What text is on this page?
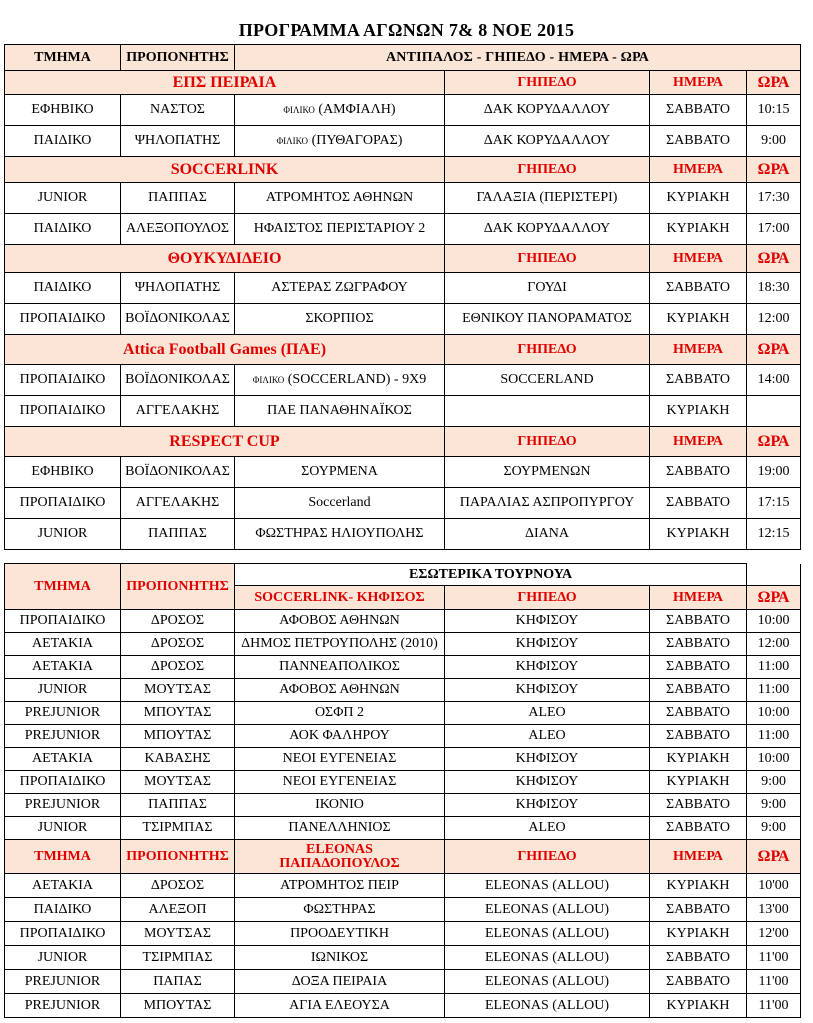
ΠΡΟΓΡΑΜΜΑ ΑΓΩΝΩΝ 7& 8 ΝΟΕ 2015
ΤΜΗΜΑ	ΠΡΟΠΟΝΗΤΗΣ	ΑΝΤΙΠΑΛΟΣ - ΓΗΠΕΔΟ - ΗΜΕΡΑ - ΩΡΑ			
ΕΠΣ ΠΕΙΡΑΙΑ			ΓΗΠΕΔΟ	ΗΜΕΡΑ	ΩΡΑ
ΕΦΗΒΙΚΟ	ΝΑΣΤΟΣ	ΦΙΛΙΚΟ (ΑΜΦΙΑΛΗ)	ΔΑΚ ΚΟΡΥΔΑΛΛΟΥ	ΣΑΒΒΑΤΟ	10:15
ΠΑΙΔΙΚΟ	ΨΗΛΟΠΑΤΗΣ	ΦΙΛΙΚΟ (ΠΥΘΑΓΟΡΑΣ)	ΔΑΚ ΚΟΡΥΔΑΛΛΟΥ	ΣΑΒΒΑΤΟ	9:00
SOCCERLINK			ΓΗΠΕΔΟ	ΗΜΕΡΑ	ΩΡΑ
JUNIOR	ΠΑΠΠΑΣ	ΑΤΡΟΜΗΤΟΣ ΑΘΗΝΩΝ	ΓΑΛΑΞΙΑ (ΠΕΡΙΣΤΕΡΙ)	ΚΥΡΙΑΚΗ	17:30
ΠΑΙΔΙΚΟ	ΑΛΕΞΟΠΟΥΛΟΣ	ΗΦΑΙΣΤΟΣ ΠΕΡΙΣΤΑΡΙΟΥ 2	ΔΑΚ ΚΟΡΥΔΑΛΛΟΥ	ΚΥΡΙΑΚΗ	17:00
ΘΟΥΚΥΔΙΔΕΙΟ			ΓΗΠΕΔΟ	ΗΜΕΡΑ	ΩΡΑ
ΠΑΙΔΙΚΟ	ΨΗΛΟΠΑΤΗΣ	ΑΣΤΕΡΑΣ ΖΩΓΡΑΦΟΥ	ΓΟΥΔΙ	ΣΑΒΒΑΤΟ	18:30
ΠΡΟΠΑΙΔΙΚΟ	ΒΟΪΔΟΝΙΚΟΛΑΣ	ΣΚΟΡΠΙΟΣ	ΕΘΝΙΚΟΥ ΠΑΝΟΡΑΜΑΤΟΣ	ΚΥΡΙΑΚΗ	12:00
Attica Football Games (ΠΑΕ)			ΓΗΠΕΔΟ	ΗΜΕΡΑ	ΩΡΑ
ΠΡΟΠΑΙΔΙΚΟ	ΒΟΪΔΟΝΙΚΟΛΑΣ	ΦΙΛΙΚΟ (SOCCERLAND) - 9X9	SOCCERLAND	ΣΑΒΒΑΤΟ	14:00
ΠΡΟΠΑΙΔΙΚΟ	ΑΓΓΕΛΑΚΗΣ	ΠΑΕ ΠΑΝΑΘΗΝΑΪΚΟΣ		ΚΥΡΙΑΚΗ	
RESPECT CUP			ΓΗΠΕΔΟ	ΗΜΕΡΑ	ΩΡΑ
ΕΦΗΒΙΚΟ	ΒΟΪΔΟΝΙΚΟΛΑΣ	ΣΟΥΡΜΕΝΑ	ΣΟΥΡΜΕΝΩΝ	ΣΑΒΒΑΤΟ	19:00
ΠΡΟΠΑΙΔΙΚΟ	ΑΓΓΕΛΑΚΗΣ	Soccerland	ΠΑΡΑΛΙΑΣ ΑΣΠΡΟΠΥΡΓΟΥ	ΣΑΒΒΑΤΟ	17:15
JUNIOR	ΠΑΠΠΑΣ	ΦΩΣΤΗΡΑΣ ΗΛΙΟΥΠΟΛΗΣ	ΔΙΑΝΑ	ΚΥΡΙΑΚΗ	12:15
ΤΜΗΜΑ	ΠΡΟΠΟΝΗΤΗΣ	ΕΣΩΤΕΡΙΚΑ ΤΟΥΡΝΟΥΑ			
		SOCCERLINK- ΚΗΦΙΣΟΣ	ΓΗΠΕΔΟ	ΗΜΕΡΑ	ΩΡΑ
ΠΡΟΠΑΙΔΙΚΟ	ΔΡΟΣΟΣ	ΑΦΟΒΟΣ ΑΘΗΝΩΝ	ΚΗΦΙΣΟΥ	ΣΑΒΒΑΤΟ	10:00
ΑΕΤΑΚΙΑ	ΔΡΟΣΟΣ	ΔΗΜΟΣ ΠΕΤΡΟΥΠΟΛΗΣ (2010)	ΚΗΦΙΣΟΥ	ΣΑΒΒΑΤΟ	12:00
ΑΕΤΑΚΙΑ	ΔΡΟΣΟΣ	ΠΑΝΝΕΑΠΟΛΙΚΟΣ	ΚΗΦΙΣΟΥ	ΣΑΒΒΑΤΟ	11:00
JUNIOR	ΜΟΥΤΣΑΣ	ΑΦΟΒΟΣ ΑΘΗΝΩΝ	ΚΗΦΙΣΟΥ	ΣΑΒΒΑΤΟ	11:00
PREJUNIOR	ΜΠΟΥΤΑΣ	ΟΣΦΠ 2	ALEO	ΣΑΒΒΑΤΟ	10:00
PREJUNIOR	ΜΠΟΥΤΑΣ	ΑΟΚ ΦΑΛΗΡΟΥ	ALEO	ΣΑΒΒΑΤΟ	11:00
ΑΕΤΑΚΙΑ	ΚΑΒΑΣΗΣ	ΝΕΟΙ ΕΥΓΕΝΕΙΑΣ	ΚΗΦΙΣΟΥ	ΚΥΡΙΑΚΗ	10:00
ΠΡΟΠΑΙΔΙΚΟ	ΜΟΥΤΣΑΣ	ΝΕΟΙ ΕΥΓΕΝΕΙΑΣ	ΚΗΦΙΣΟΥ	ΚΥΡΙΑΚΗ	9:00
PREJUNIOR	ΠΑΠΠΑΣ	ΙΚΟΝΙΟ	ΚΗΦΙΣΟΥ	ΣΑΒΒΑΤΟ	9:00
JUNIOR	ΤΣΙΡΜΠΑΣ	ΠΑΝΕΛΛΗΝΙΟΣ	ALEO	ΣΑΒΒΑΤΟ	9:00
ΤΜΗΜΑ	ΠΡΟΠΟΝΗΤΗΣ	ELEONAS ΠΑΠΑΔΟΠΟΥΛΟΣ	ΓΗΠΕΔΟ	ΗΜΕΡΑ	ΩΡΑ
ΑΕΤΑΚΙΑ	ΔΡΟΣΟΣ	ΑΤΡΟΜΗΤΟΣ ΠΕΙΡ	ELEONAS (ALLOU)	ΚΥΡΙΑΚΗ	10'00
ΠΑΙΔΙΚΟ	ΑΛΕΞΟΠ	ΦΩΣΤΗΡΑΣ	ELEONAS (ALLOU)	ΣΑΒΒΑΤΟ	13'00
ΠΡΟΠΑΙΔΙΚΟ	ΜΟΥΤΣΑΣ	ΠΡΟΟΔΕΥΤΙΚΗ	ELEONAS (ALLOU)	ΚΥΡΙΑΚΗ	12'00
JUNIOR	ΤΣΙΡΜΠΑΣ	ΙΩΝΙΚΟΣ	ELEONAS (ALLOU)	ΣΑΒΒΑΤΟ	11'00
PREJUNIOR	ΠΑΠΑΣ	ΔΟΞΑ ΠΕΙΡΑΙΑ	ELEONAS (ALLOU)	ΣΑΒΒΑΤΟ	11'00
PREJUNIOR	ΜΠΟΥΤΑΣ	ΑΓΙΑ ΕΛΕΟΥΣΑ	ELEONAS (ALLOU)	ΚΥΡΙΑΚΗ	11'00
